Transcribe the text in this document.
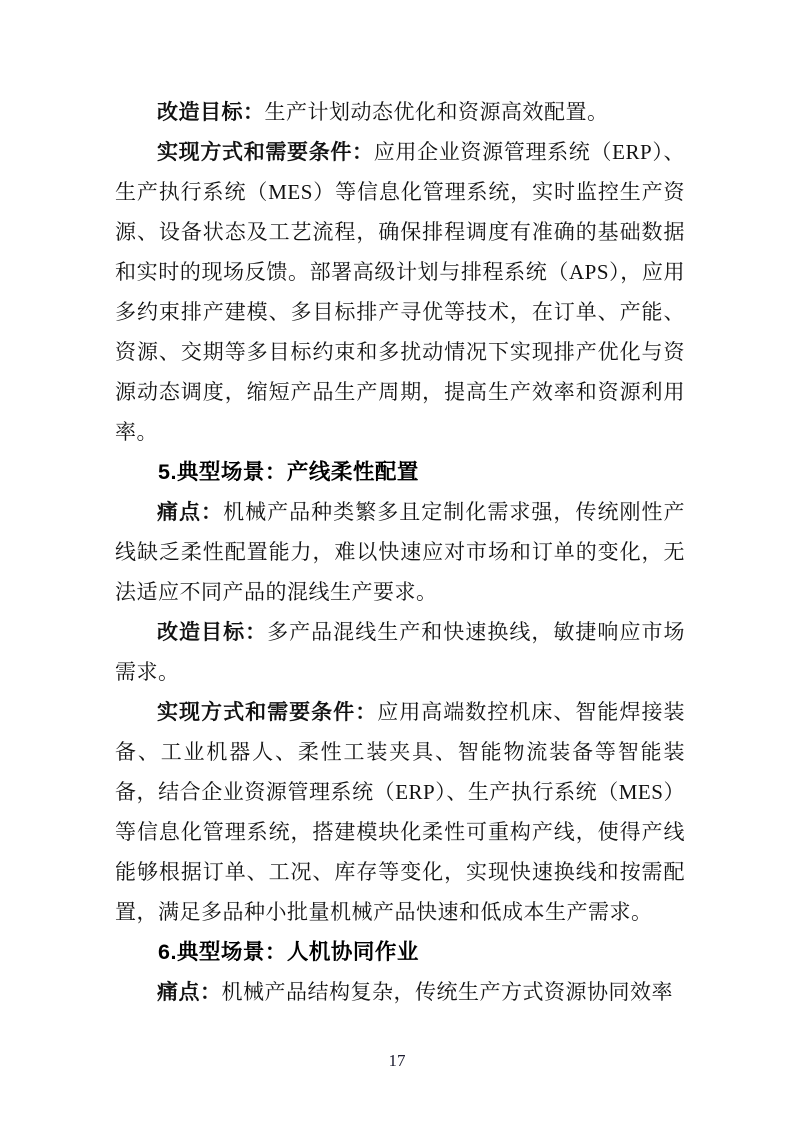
改造目标：生产计划动态优化和资源高效配置。

实现方式和需要条件：应用企业资源管理系统（ERP）、生产执行系统（MES）等信息化管理系统，实时监控生产资源、设备状态及工艺流程，确保排程调度有准确的基础数据和实时的现场反馈。部署高级计划与排程系统（APS），应用多约束排产建模、多目标排产寻优等技术，在订单、产能、资源、交期等多目标约束和多扰动情况下实现排产优化与资源动态调度，缩短产品生产周期，提高生产效率和资源利用率。

5.典型场景：产线柔性配置

痛点：机械产品种类繁多且定制化需求强，传统刚性产线缺乏柔性配置能力，难以快速应对市场和订单的变化，无法适应不同产品的混线生产要求。

改造目标：多产品混线生产和快速换线，敏捷响应市场需求。

实现方式和需要条件：应用高端数控机床、智能焊接装备、工业机器人、柔性工装夹具、智能物流装备等智能装备，结合企业资源管理系统（ERP）、生产执行系统（MES）等信息化管理系统，搭建模块化柔性可重构产线，使得产线能够根据订单、工况、库存等变化，实现快速换线和按需配置，满足多品种小批量机械产品快速和低成本生产需求。

6.典型场景：人机协同作业

痛点：机械产品结构复杂，传统生产方式资源协同效率

17
